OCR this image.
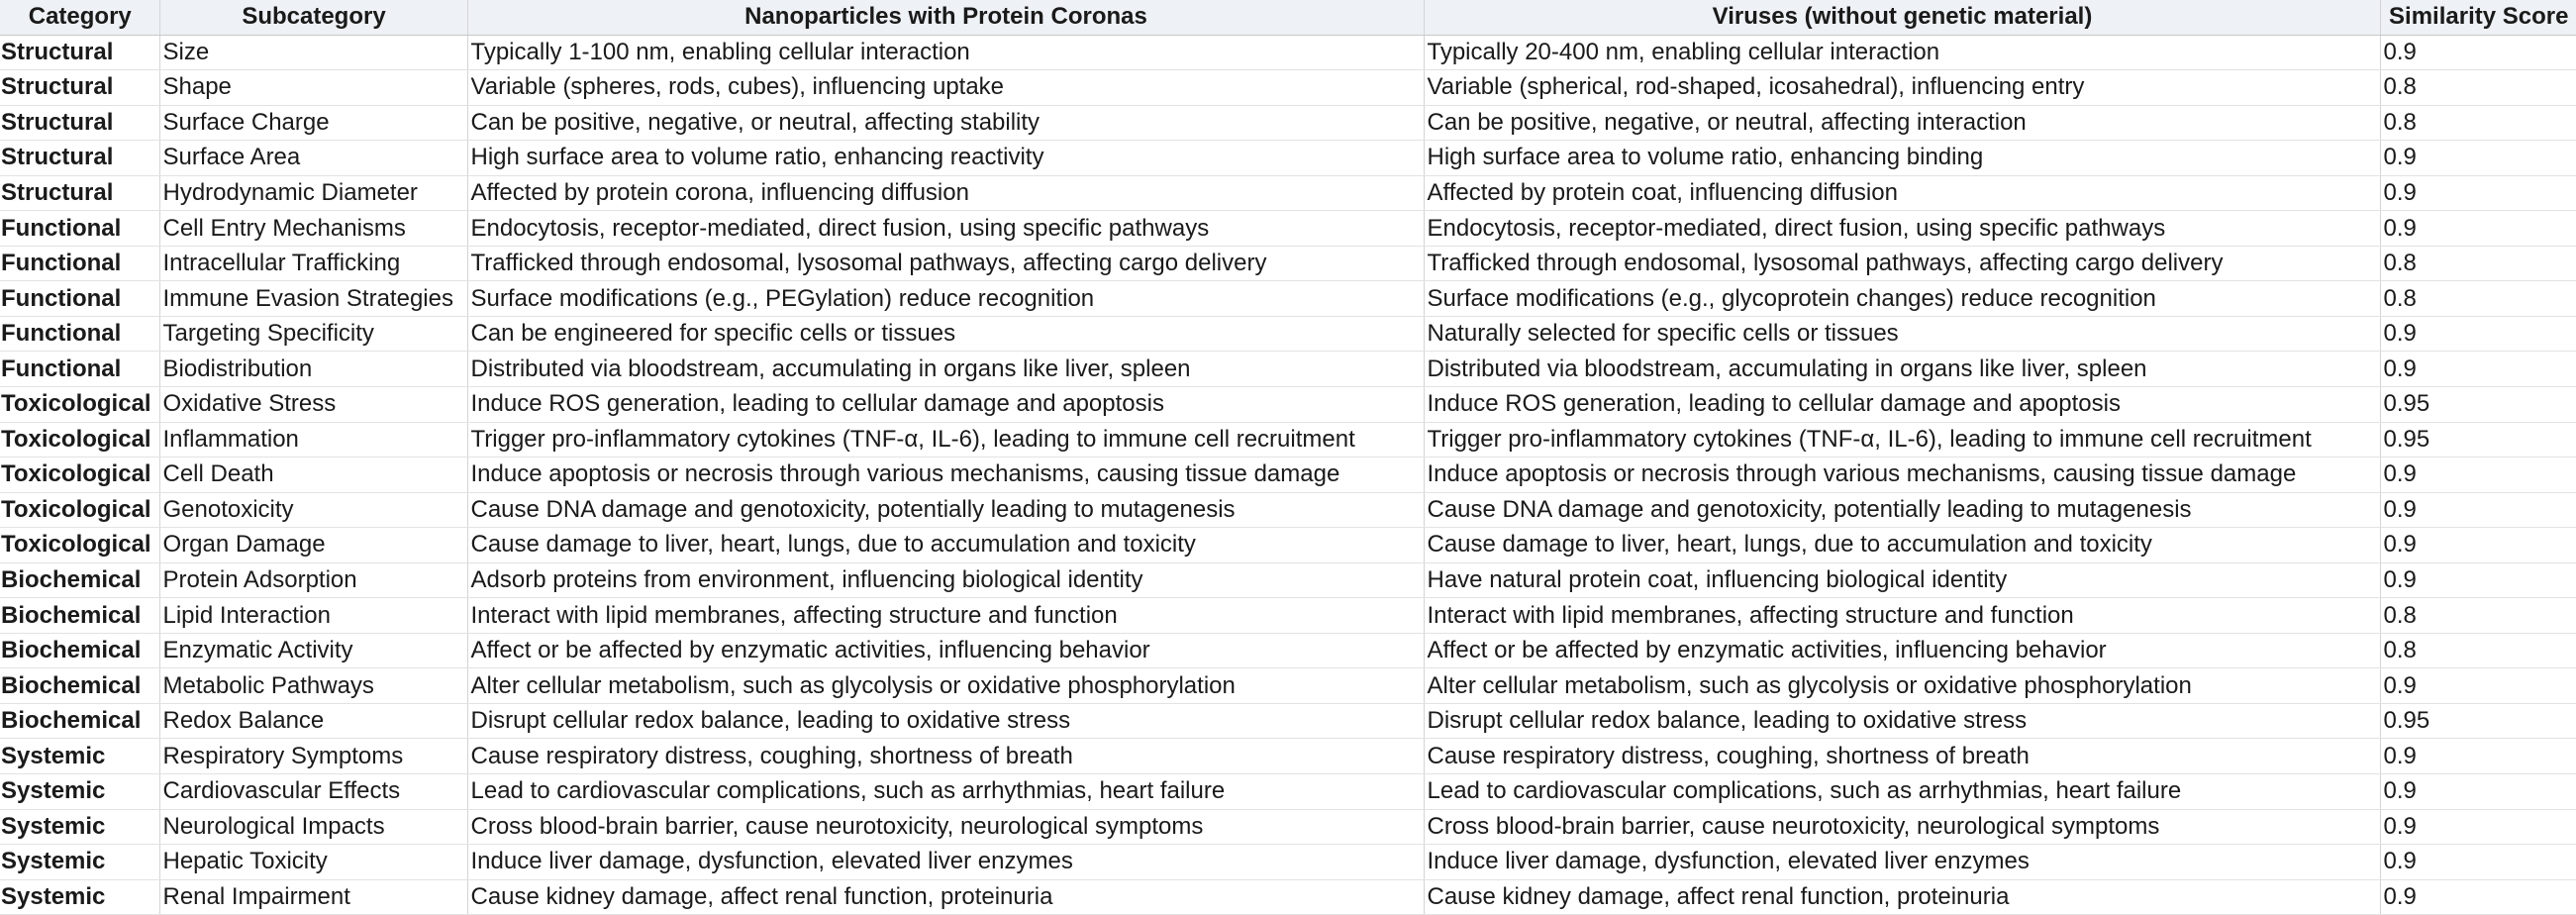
Category	Subcategory	Nanoparticles with Protein Coronas	Viruses (without genetic material)	Similarity Score
Structural	Size	Typically 1-100 nm, enabling cellular interaction	Typically 20-400 nm, enabling cellular interaction	0.9
Structural	Shape	Variable (spheres, rods, cubes), influencing uptake	Variable (spherical, rod-shaped, icosahedral), influencing entry	0.8
Structural	Surface Charge	Can be positive, negative, or neutral, affecting stability	Can be positive, negative, or neutral, affecting interaction	0.8
Structural	Surface Area	High surface area to volume ratio, enhancing reactivity	High surface area to volume ratio, enhancing binding	0.9
Structural	Hydrodynamic Diameter	Affected by protein corona, influencing diffusion	Affected by protein coat, influencing diffusion	0.9
Functional	Cell Entry Mechanisms	Endocytosis, receptor-mediated, direct fusion, using specific pathways	Endocytosis, receptor-mediated, direct fusion, using specific pathways	0.9
Functional	Intracellular Trafficking	Trafficked through endosomal, lysosomal pathways, affecting cargo delivery	Trafficked through endosomal, lysosomal pathways, affecting cargo delivery	0.8
Functional	Immune Evasion Strategies	Surface modifications (e.g., PEGylation) reduce recognition	Surface modifications (e.g., glycoprotein changes) reduce recognition	0.8
Functional	Targeting Specificity	Can be engineered for specific cells or tissues	Naturally selected for specific cells or tissues	0.9
Functional	Biodistribution	Distributed via bloodstream, accumulating in organs like liver, spleen	Distributed via bloodstream, accumulating in organs like liver, spleen	0.9
Toxicological	Oxidative Stress	Induce ROS generation, leading to cellular damage and apoptosis	Induce ROS generation, leading to cellular damage and apoptosis	0.95
Toxicological	Inflammation	Trigger pro-inflammatory cytokines (TNF-α, IL-6), leading to immune cell recruitment	Trigger pro-inflammatory cytokines (TNF-α, IL-6), leading to immune cell recruitment	0.95
Toxicological	Cell Death	Induce apoptosis or necrosis through various mechanisms, causing tissue damage	Induce apoptosis or necrosis through various mechanisms, causing tissue damage	0.9
Toxicological	Genotoxicity	Cause DNA damage and genotoxicity, potentially leading to mutagenesis	Cause DNA damage and genotoxicity, potentially leading to mutagenesis	0.9
Toxicological	Organ Damage	Cause damage to liver, heart, lungs, due to accumulation and toxicity	Cause damage to liver, heart, lungs, due to accumulation and toxicity	0.9
Biochemical	Protein Adsorption	Adsorb proteins from environment, influencing biological identity	Have natural protein coat, influencing biological identity	0.9
Biochemical	Lipid Interaction	Interact with lipid membranes, affecting structure and function	Interact with lipid membranes, affecting structure and function	0.8
Biochemical	Enzymatic Activity	Affect or be affected by enzymatic activities, influencing behavior	Affect or be affected by enzymatic activities, influencing behavior	0.8
Biochemical	Metabolic Pathways	Alter cellular metabolism, such as glycolysis or oxidative phosphorylation	Alter cellular metabolism, such as glycolysis or oxidative phosphorylation	0.9
Biochemical	Redox Balance	Disrupt cellular redox balance, leading to oxidative stress	Disrupt cellular redox balance, leading to oxidative stress	0.95
Systemic	Respiratory Symptoms	Cause respiratory distress, coughing, shortness of breath	Cause respiratory distress, coughing, shortness of breath	0.9
Systemic	Cardiovascular Effects	Lead to cardiovascular complications, such as arrhythmias, heart failure	Lead to cardiovascular complications, such as arrhythmias, heart failure	0.9
Systemic	Neurological Impacts	Cross blood-brain barrier, cause neurotoxicity, neurological symptoms	Cross blood-brain barrier, cause neurotoxicity, neurological symptoms	0.9
Systemic	Hepatic Toxicity	Induce liver damage, dysfunction, elevated liver enzymes	Induce liver damage, dysfunction, elevated liver enzymes	0.9
Systemic	Renal Impairment	Cause kidney damage, affect renal function, proteinuria	Cause kidney damage, affect renal function, proteinuria	0.9
